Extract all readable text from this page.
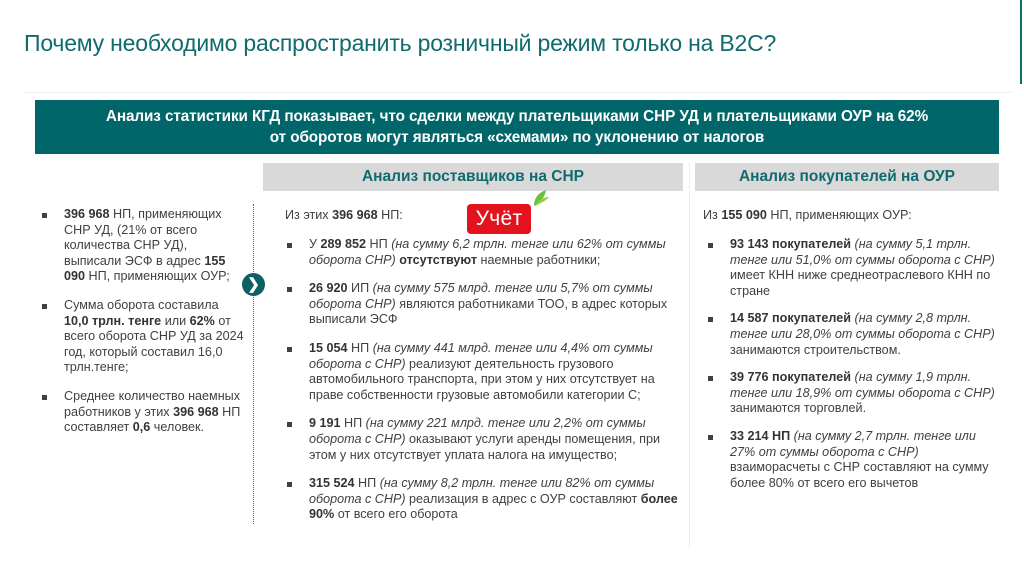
Почему необходимо распространить розничный режим только на B2C?
Анализ статистики КГД показывает, что сделки между плательщиками СНР УД и плательщиками ОУР на 62%
от оборотов могут являться «схемами» по уклонению от налогов
Анализ поставщиков на СНР	Анализ покупателей на ОУР
❯
Учёт
396 968 НП, применяющих СНР УД, (21% от всего количества СНР УД), выписали ЭСФ в адрес 155 090 НП, применяющих ОУР;
Сумма оборота составила 10,0 трлн. тенге или 62% от всего оборота СНР УД за 2024 год, который составил 16,0 трлн.тенге;
Среднее количество наемных работников у этих 396 968 НП составляет 0,6 человек.
Из этих 396 968 НП:
У 289 852 НП (на сумму 6,2 трлн. тенге или 62% от суммы оборота СНР) отсутствуют наемные работники;
26 920 ИП (на сумму 575 млрд. тенге или 5,7% от суммы оборота СНР) являются работниками ТОО, в адрес которых выписали ЭСФ
15 054 НП (на сумму 441 млрд. тенге или 4,4% от суммы оборота с СНР) реализуют деятельность грузового автомобильного транспорта, при этом у них отсутствует на праве собственности грузовые автомобили категории С;
9 191 НП (на сумму 221 млрд. тенге или 2,2% от суммы оборота с СНР) оказывают услуги аренды помещения, при этом у них отсутствует уплата налога на имущество;
315 524 НП (на сумму 8,2 трлн. тенге или 82% от суммы оборота с СНР) реализация в адрес с ОУР составляют более 90% от всего его оборота
Из 155 090 НП, применяющих ОУР:
93 143 покупателей (на сумму 5,1 трлн. тенге или 51,0% от суммы оборота с СНР) имеет КНН ниже среднеотраслевого КНН по стране
14 587 покупателей (на сумму 2,8 трлн. тенге или 28,0% от суммы оборота с СНР) занимаются строительством.
39 776 покупателей (на сумму 1,9 трлн. тенге или 18,9% от суммы оборота с СНР) занимаются торговлей.
33 214 НП (на сумму 2,7 трлн. тенге или 27% от суммы оборота с СНР) взаиморасчеты с СНР составляют на сумму более 80% от всего его вычетов
